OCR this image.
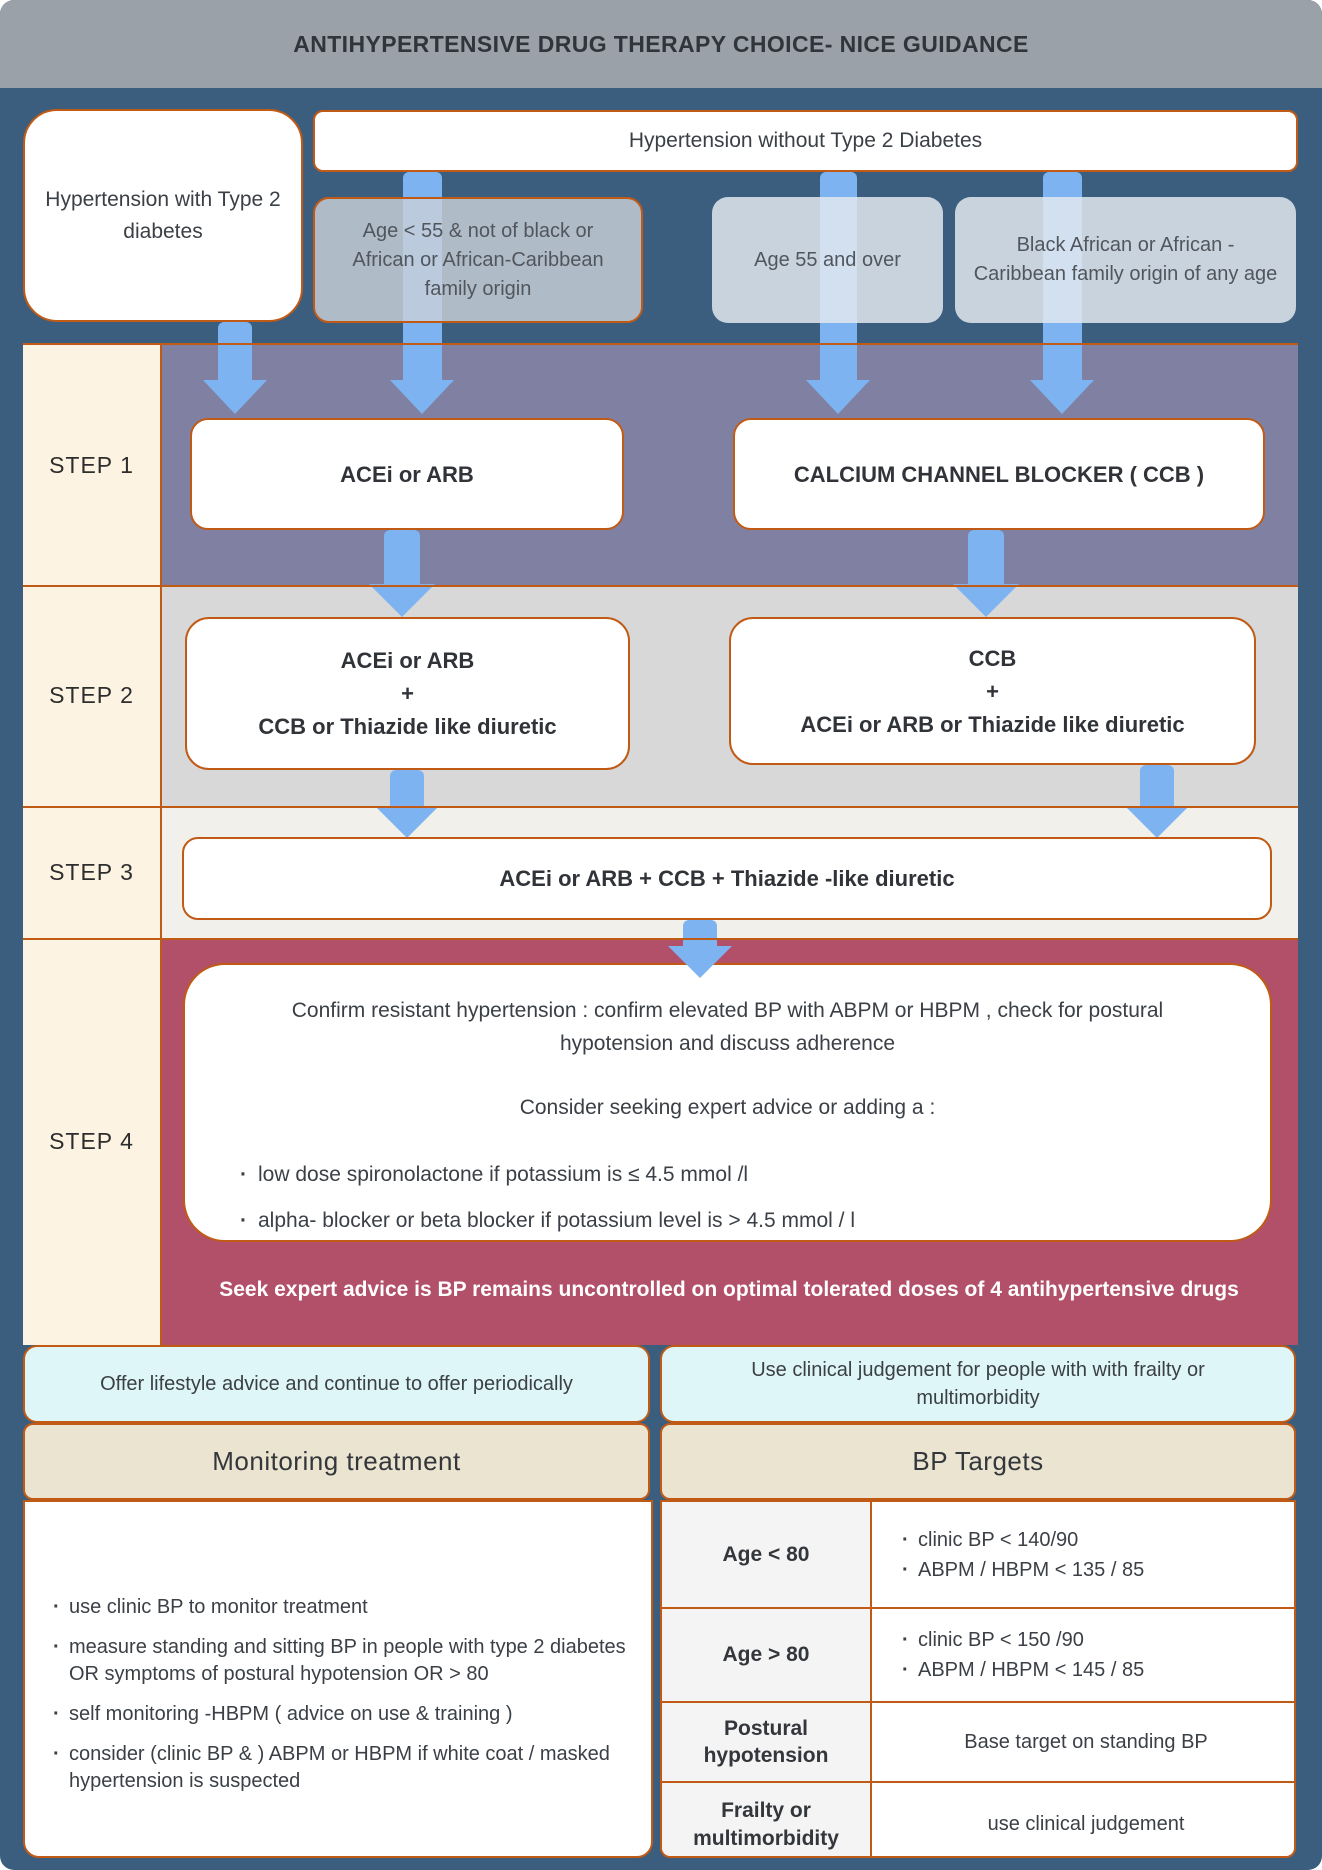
ANTIHYPERTENSIVE DRUG THERAPY CHOICE- NICE GUIDANCE
Hypertension with Type 2 diabetes
Hypertension without Type 2 Diabetes
Age < 55 & not of black or African or African-Caribbean family origin
Age 55 and over
Black African or African - Caribbean family origin of any age
STEP 1
STEP 2
STEP 3
STEP 4
ACEi or ARB	CALCIUM CHANNEL BLOCKER ( CCB )
ACEi or ARB
+
CCB or Thiazide like diuretic
CCB
+
ACEi or ARB or Thiazide like diuretic
ACEi or ARB + CCB + Thiazide -like diuretic
Confirm resistant hypertension : confirm elevated BP with ABPM or HBPM , check for postural hypotension and discuss adherence
Consider seeking expert advice or adding a :
· low dose spironolactone if potassium is ≤ 4.5 mmol /l
· alpha- blocker or beta blocker if potassium level is > 4.5 mmol / l
Seek expert advice is BP remains uncontrolled on optimal tolerated doses of 4 antihypertensive drugs
Offer lifestyle advice and continue to offer periodically
Use clinical judgement for people with with frailty or multimorbidity
Monitoring treatment	BP Targets
· use clinic BP to monitor treatment
· measure standing and sitting BP in people with type 2 diabetes OR symptoms of postural hypotension OR > 80
· self monitoring -HBPM ( advice on use & training )
· consider (clinic BP & ) ABPM or HBPM if white coat / masked hypertension is suspected
Age < 80
· clinic BP < 140/90
· ABPM / HBPM < 135 / 85
Age > 80
· clinic BP < 150 /90
· ABPM / HBPM < 145 / 85
Postural hypotension
Base target on standing BP
Frailty or multimorbidity
use clinical judgement
